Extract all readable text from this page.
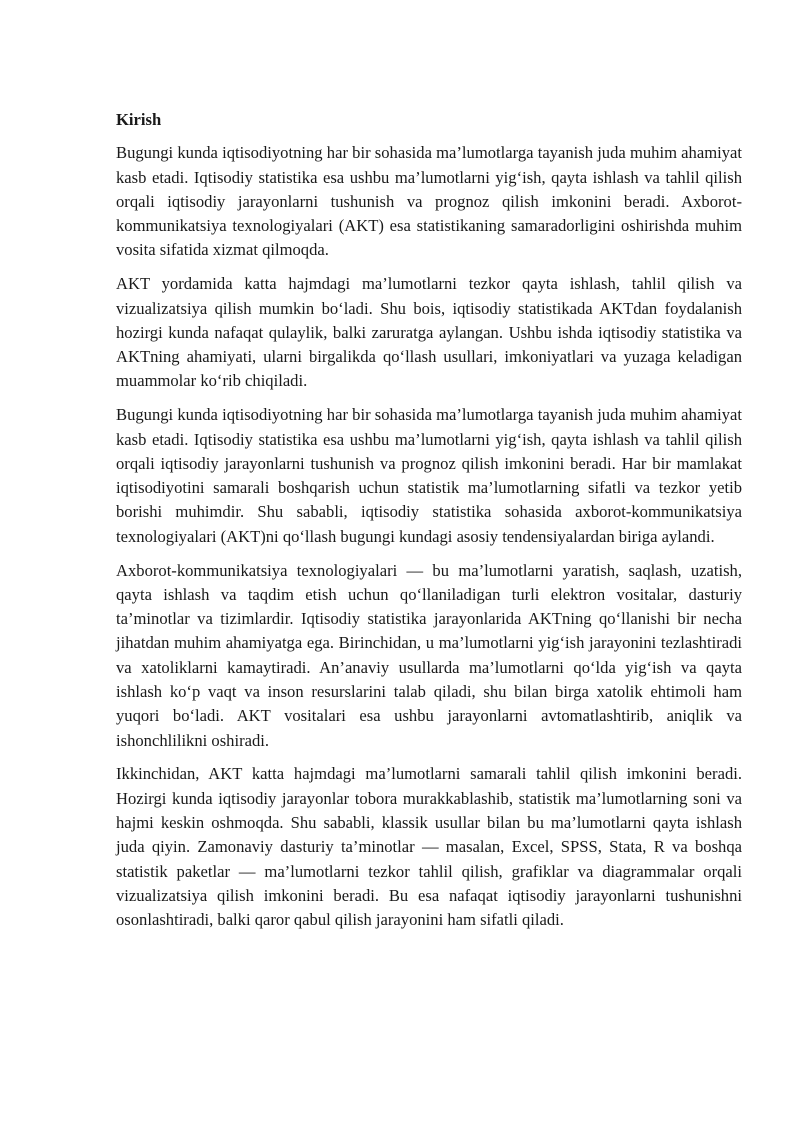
Kirish

Bugungi kunda iqtisodiyotning har bir sohasida ma’lumotlarga tayanish juda muhim ahamiyat kasb etadi. Iqtisodiy statistika esa ushbu ma’lumotlarni yig‘ish, qayta ishlash va tahlil qilish orqali iqtisodiy jarayonlarni tushunish va prognoz qilish imkonini beradi. Axborot-kommunikatsiya texnologiyalari (AKT) esa statistikaning samaradorligini oshirishda muhim vosita sifatida xizmat qilmoqda.

AKT yordamida katta hajmdagi ma’lumotlarni tezkor qayta ishlash, tahlil qilish va vizualizatsiya qilish mumkin bo‘ladi. Shu bois, iqtisodiy statistikada AKTdan foydalanish hozirgi kunda nafaqat qulaylik, balki zaruratga aylangan. Ushbu ishda iqtisodiy statistika va AKTning ahamiyati, ularni birgalikda qo‘llash usullari, imkoniyatlari va yuzaga keladigan muammolar ko‘rib chiqiladi.

Bugungi kunda iqtisodiyotning har bir sohasida ma’lumotlarga tayanish juda muhim ahamiyat kasb etadi. Iqtisodiy statistika esa ushbu ma’lumotlarni yig‘ish, qayta ishlash va tahlil qilish orqali iqtisodiy jarayonlarni tushunish va prognoz qilish imkonini beradi. Har bir mamlakat iqtisodiyotini samarali boshqarish uchun statistik ma’lumotlarning sifatli va tezkor yetib borishi muhimdir. Shu sababli, iqtisodiy statistika sohasida axborot-kommunikatsiya texnologiyalari (AKT)ni qo‘llash bugungi kundagi asosiy tendensiyalardan biriga aylandi.

Axborot-kommunikatsiya texnologiyalari — bu ma’lumotlarni yaratish, saqlash, uzatish, qayta ishlash va taqdim etish uchun qo‘llaniladigan turli elektron vositalar, dasturiy ta’minotlar va tizimlardir. Iqtisodiy statistika jarayonlarida AKTning qo‘llanishi bir necha jihatdan muhim ahamiyatga ega. Birinchidan, u ma’lumotlarni yig‘ish jarayonini tezlashtiradi va xatoliklarni kamaytiradi. An’anaviy usullarda ma’lumotlarni qo‘lda yig‘ish va qayta ishlash ko‘p vaqt va inson resurslarini talab qiladi, shu bilan birga xatolik ehtimoli ham yuqori bo‘ladi. AKT vositalari esa ushbu jarayonlarni avtomatlashtirib, aniqlik va ishonchlilikni oshiradi.

Ikkinchidan, AKT katta hajmdagi ma’lumotlarni samarali tahlil qilish imkonini beradi. Hozirgi kunda iqtisodiy jarayonlar tobora murakkablashib, statistik ma’lumotlarning soni va hajmi keskin oshmoqda. Shu sababli, klassik usullar bilan bu ma’lumotlarni qayta ishlash juda qiyin. Zamonaviy dasturiy ta’minotlar — masalan, Excel, SPSS, Stata, R va boshqa statistik paketlar — ma’lumotlarni tezkor tahlil qilish, grafiklar va diagrammalar orqali vizualizatsiya qilish imkonini beradi. Bu esa nafaqat iqtisodiy jarayonlarni tushunishni osonlashtiradi, balki qaror qabul qilish jarayonini ham sifatli qiladi.
